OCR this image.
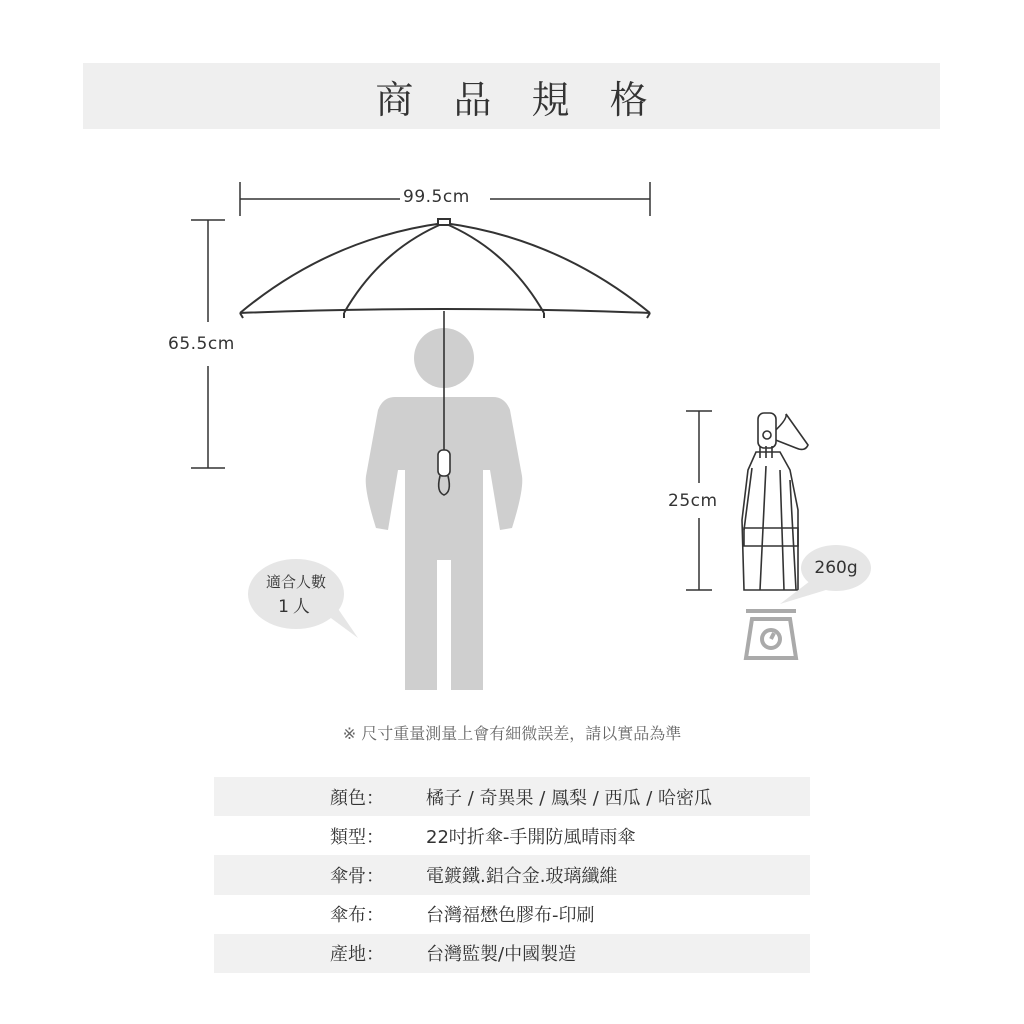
商 品 規 格
99.5cm
65.5cm
25cm
適合人數
1人
260g
※ 尺寸重量測量上會有細微誤差，請以實品為準
顏色：	橘子 / 奇異果 / 鳳梨 / 西瓜 / 哈密瓜
類型：	22吋折傘-手開防風晴雨傘
傘骨：	電鍍鐵.鋁合金.玻璃纖維
傘布：	台灣福懋色膠布-印刷
產地：	台灣監製/中國製造
